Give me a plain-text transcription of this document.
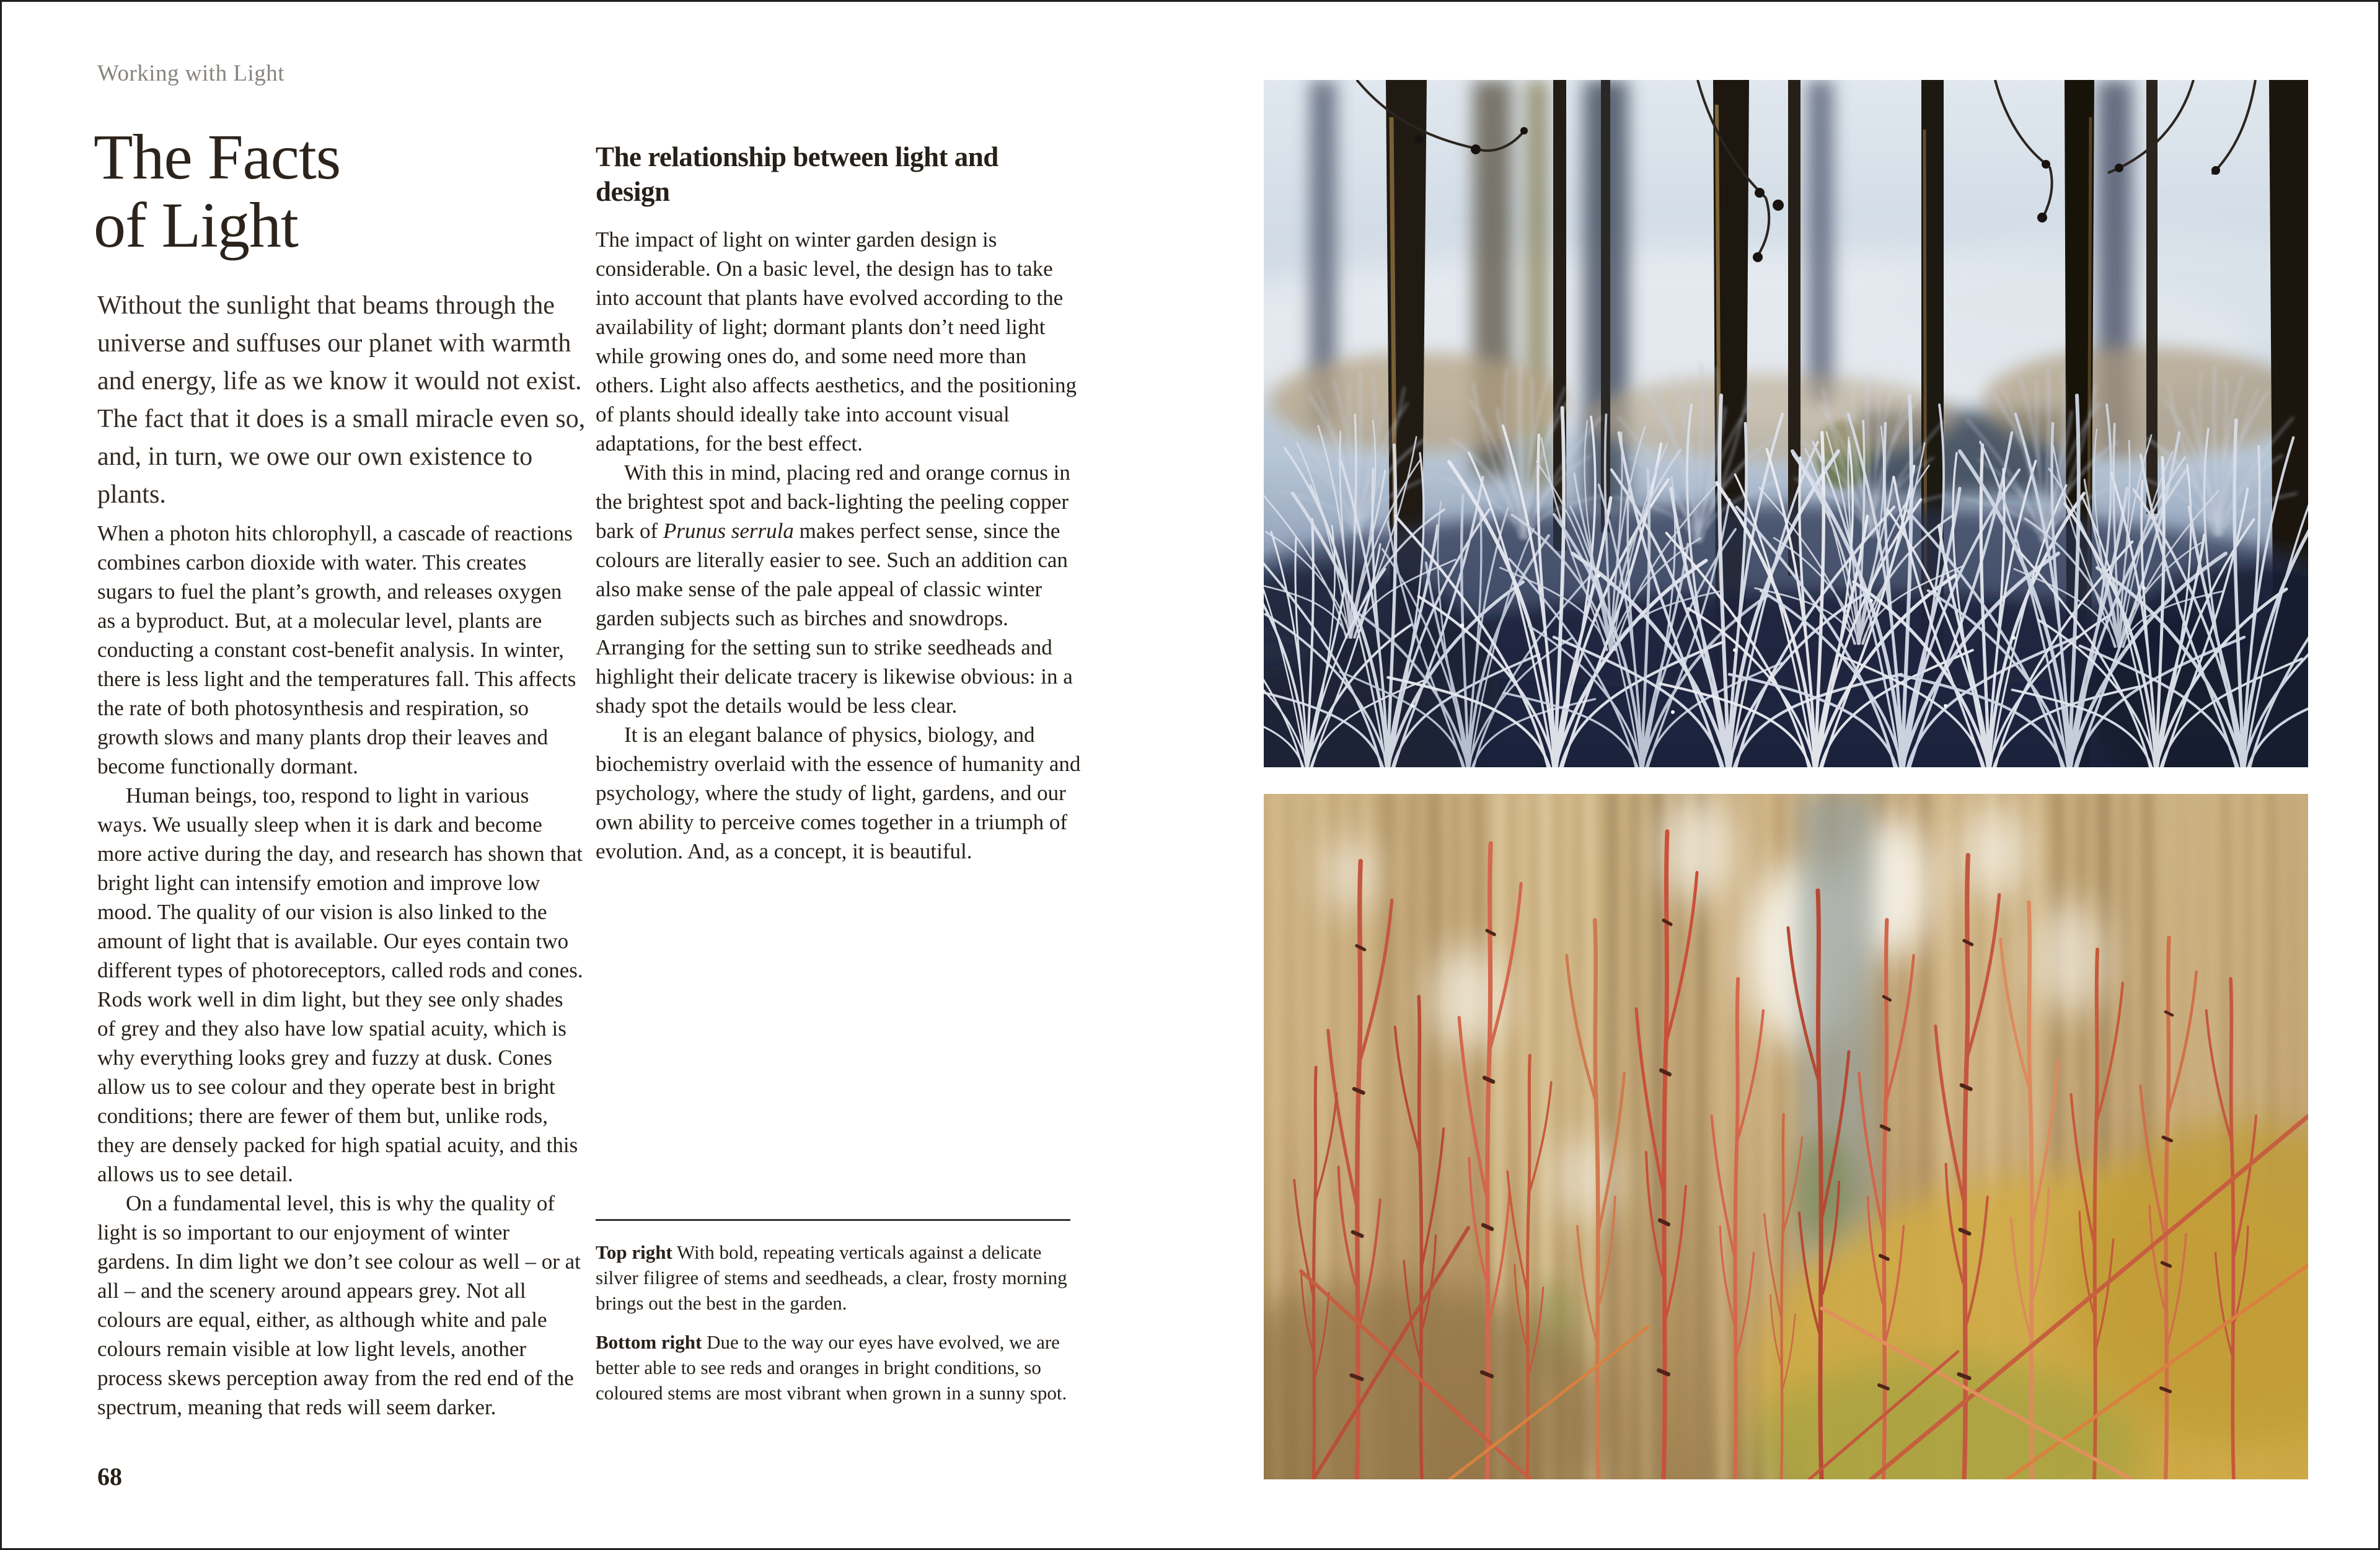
Working with Light
The Facts
of Light
Without the sunlight that beams through the universe and suffuses our planet with warmth and energy, life as we know it would not exist. The fact that it does is a small miracle even so, and, in turn, we owe our own existence to plants.

When a photon hits chlorophyll, a cascade of reactions combines carbon dioxide with water. This creates sugars to fuel the plant’s growth, and releases oxygen as a byproduct. But, at a molecular level, plants are conducting a constant cost-benefit analysis. In winter, there is less light and the temperatures fall. This affects the rate of both photosynthesis and respiration, so growth slows and many plants drop their leaves and become functionally dormant.

Human beings, too, respond to light in various ways. We usually sleep when it is dark and become more active during the day, and research has shown that bright light can intensify emotion and improve low mood. The quality of our vision is also linked to the amount of light that is available. Our eyes contain two different types of photoreceptors, called rods and cones. Rods work well in dim light, but they see only shades of grey and they also have low spatial acuity, which is why everything looks grey and fuzzy at dusk. Cones allow us to see colour and they operate best in bright conditions; there are fewer of them but, unlike rods, they are densely packed for high spatial acuity, and this allows us to see detail.

On a fundamental level, this is why the quality of light is so important to our enjoyment of winter gardens. In dim light we don’t see colour as well – or at all – and the scenery around appears grey. Not all colours are equal, either, as although white and pale colours remain visible at low light levels, another process skews perception away from the red end of the spectrum, meaning that reds will seem darker.

The relationship between light and design

The impact of light on winter garden design is considerable. On a basic level, the design has to take into account that plants have evolved according to the availability of light; dormant plants don’t need light while growing ones do, and some need more than others. Light also affects aesthetics, and the positioning of plants should ideally take into account visual adaptations, for the best effect.

With this in mind, placing red and orange cornus in the brightest spot and back-lighting the peeling copper bark of Prunus serrula makes perfect sense, since the colours are literally easier to see. Such an addition can also make sense of the pale appeal of classic winter garden subjects such as birches and snowdrops. Arranging for the setting sun to strike seedheads and highlight their delicate tracery is likewise obvious: in a shady spot the details would be less clear.

It is an elegant balance of physics, biology, and biochemistry overlaid with the essence of humanity and psychology, where the study of light, gardens, and our own ability to perceive comes together in a triumph of evolution. And, as a concept, it is beautiful.

Top right With bold, repeating verticals against a delicate silver filigree of stems and seedheads, a clear, frosty morning brings out the best in the garden.

Bottom right Due to the way our eyes have evolved, we are better able to see reds and oranges in bright conditions, so coloured stems are most vibrant when grown in a sunny spot.

68
